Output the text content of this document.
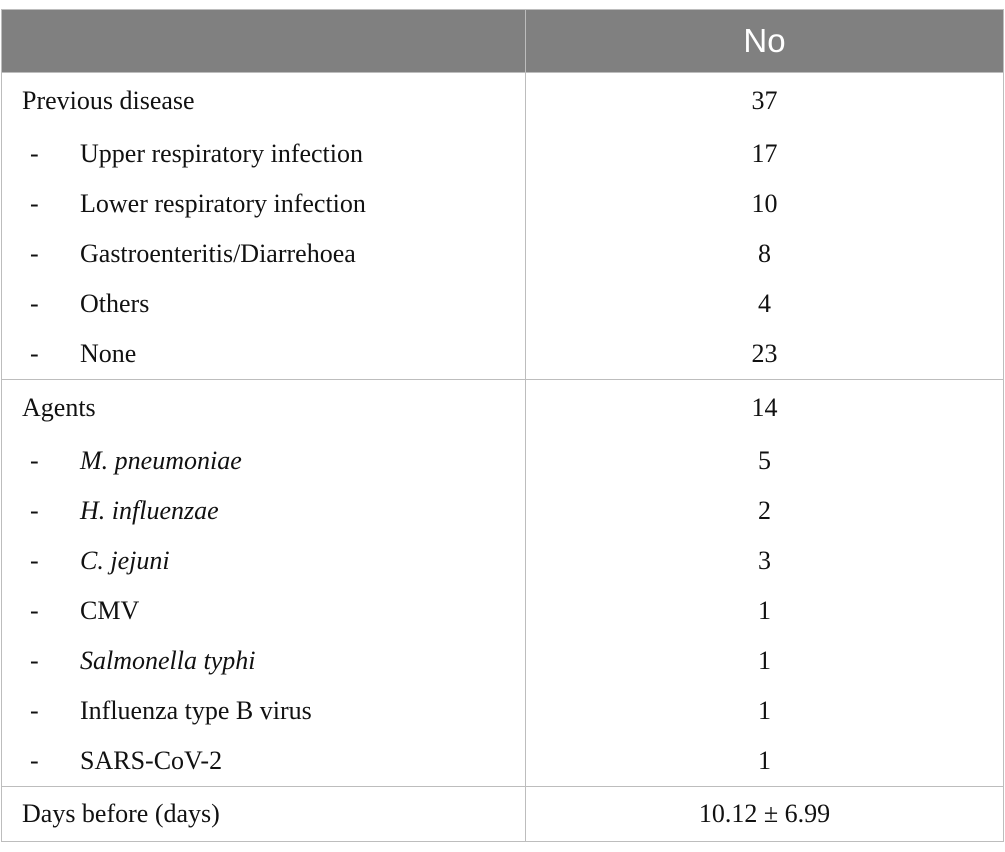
	No
Previous disease	37
- Upper respiratory infection	17
- Lower respiratory infection	10
- Gastroenteritis/Diarrehoea	8
- Others	4
- None	23
Agents	14
- M. pneumoniae	5
- H. influenzae	2
- C. jejuni	3
- CMV	1
- Salmonella typhi	1
- Influenza type B virus	1
- SARS-CoV-2	1
Days before (days)	10.12 ± 6.99
